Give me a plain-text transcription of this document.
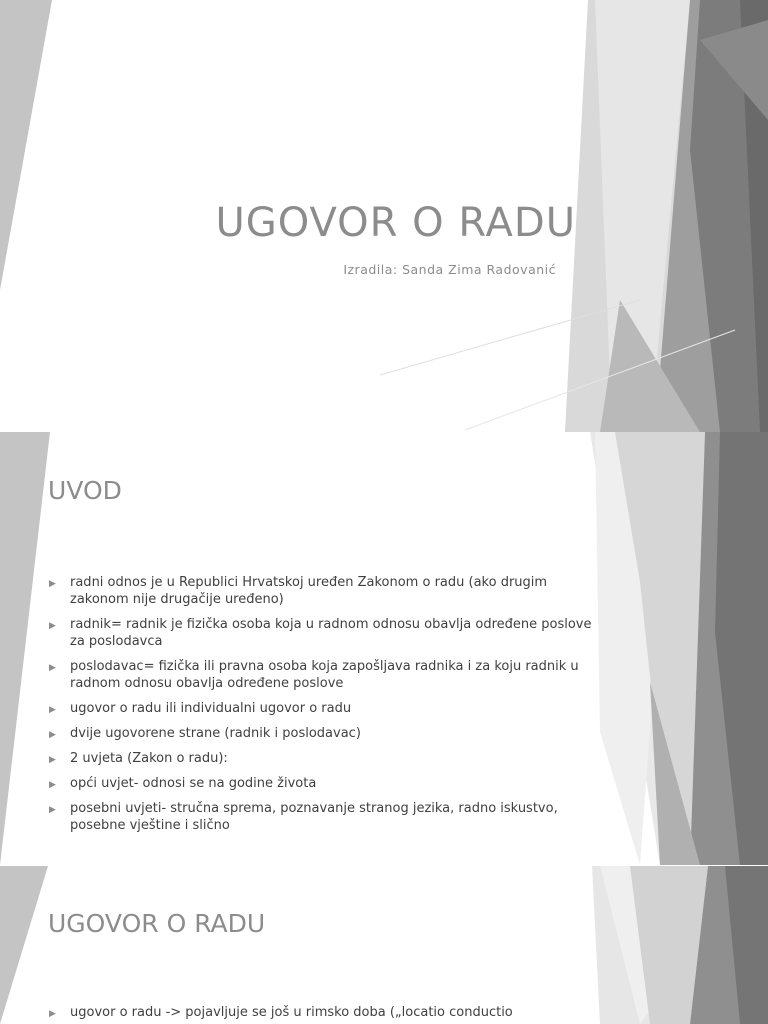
UGOVOR O RADU
Izradila: Sanda Zima Radovanić
UVOD
▶ radni odnos je u Republici Hrvatskoj uređen Zakonom o radu (ako drugim zakonom nije drugačije uređeno)
▶ radnik= radnik je fizička osoba koja u radnom odnosu obavlja određene poslove za poslodavca
▶ poslodavac= fizička ili pravna osoba koja zapošljava radnika i za koju radnik u radnom odnosu obavlja određene poslove
▶ ugovor o radu ili individualni ugovor o radu
▶ dvije ugovorene strane (radnik i poslodavac)
▶ 2 uvjeta (Zakon o radu):
▶ opći uvjet- odnosi se na godine života
▶ posebni uvjeti- stručna sprema, poznavanje stranog jezika, radno iskustvo, posebne vještine i slično
UGOVOR O RADU
▶ ugovor o radu -> pojavljuje se još u rimsko doba („locatio conductio
